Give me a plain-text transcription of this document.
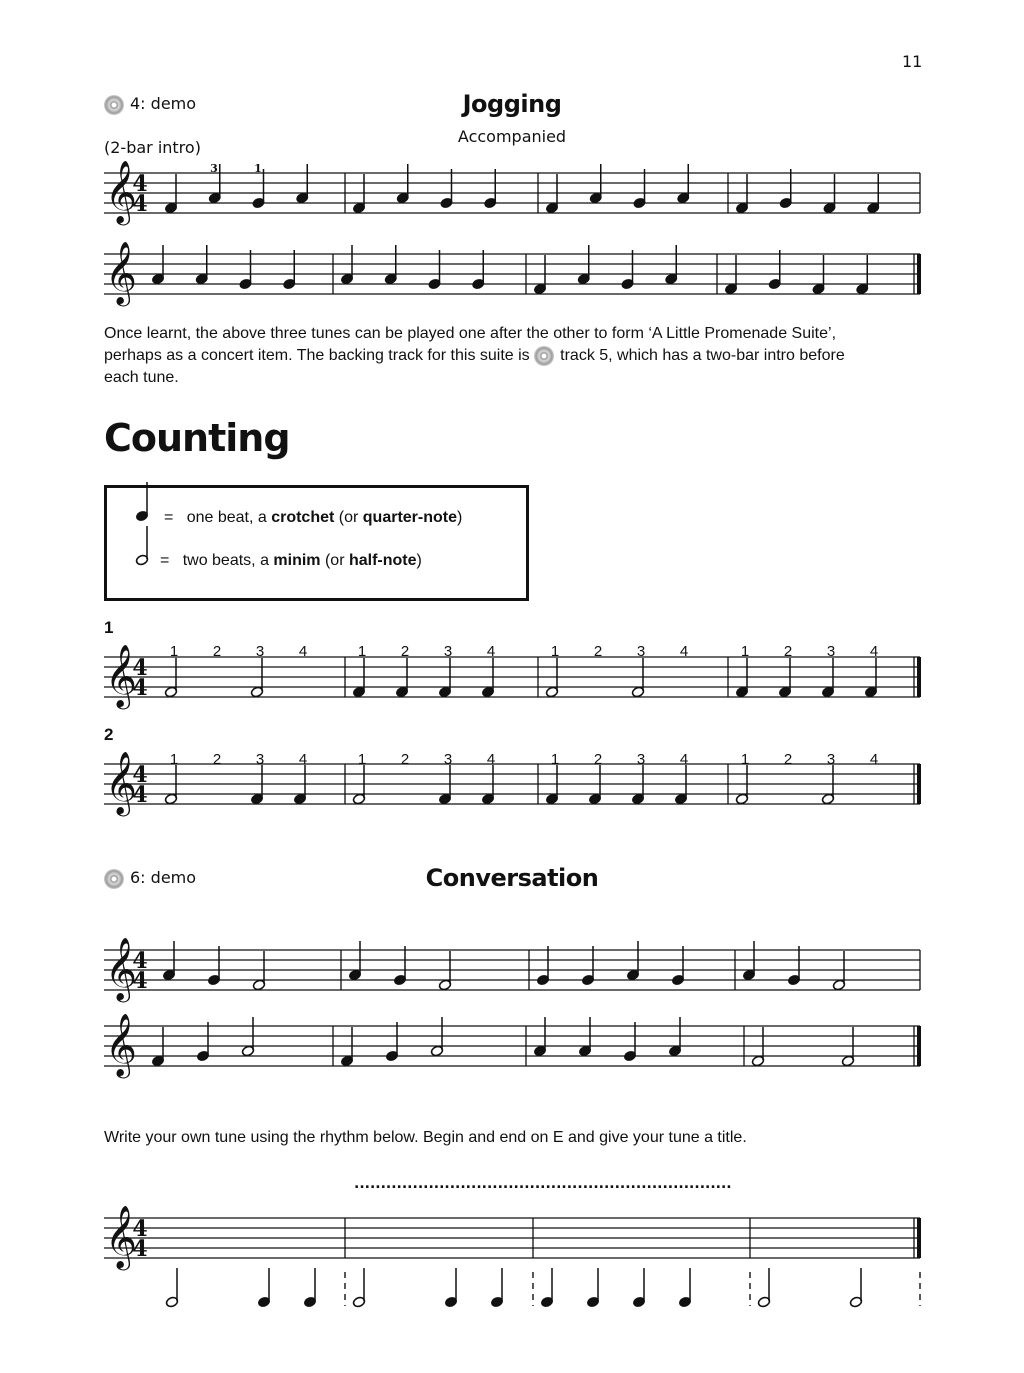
11
4: demo	Jogging
Accompanied
(2-bar intro)
Once learnt, the above three tunes can be played one after the other to form ‘A Little Promenade Suite’,
perhaps as a concert item. The backing track for this suite is track 5, which has a two-bar intro before
each tune.
Counting
= one beat, a crotchet (or quarter-note)
= two beats, a minim (or half-note)
1
2
6: demo	Conversation
Write your own tune using the rhythm below. Begin and end on E and give your tune a title.
.......................................................................
𝄞
4
4
3	1
𝄞
𝄞
4
4
1 2 3 4	1 2 3 4	1 2 3 4	1 2 3 4
𝄞
4
4
1 2 3 4	1 2 3 4	1 2 3 4	1 2 3 4
𝄞
4
4
𝄞
𝄞
4
4
